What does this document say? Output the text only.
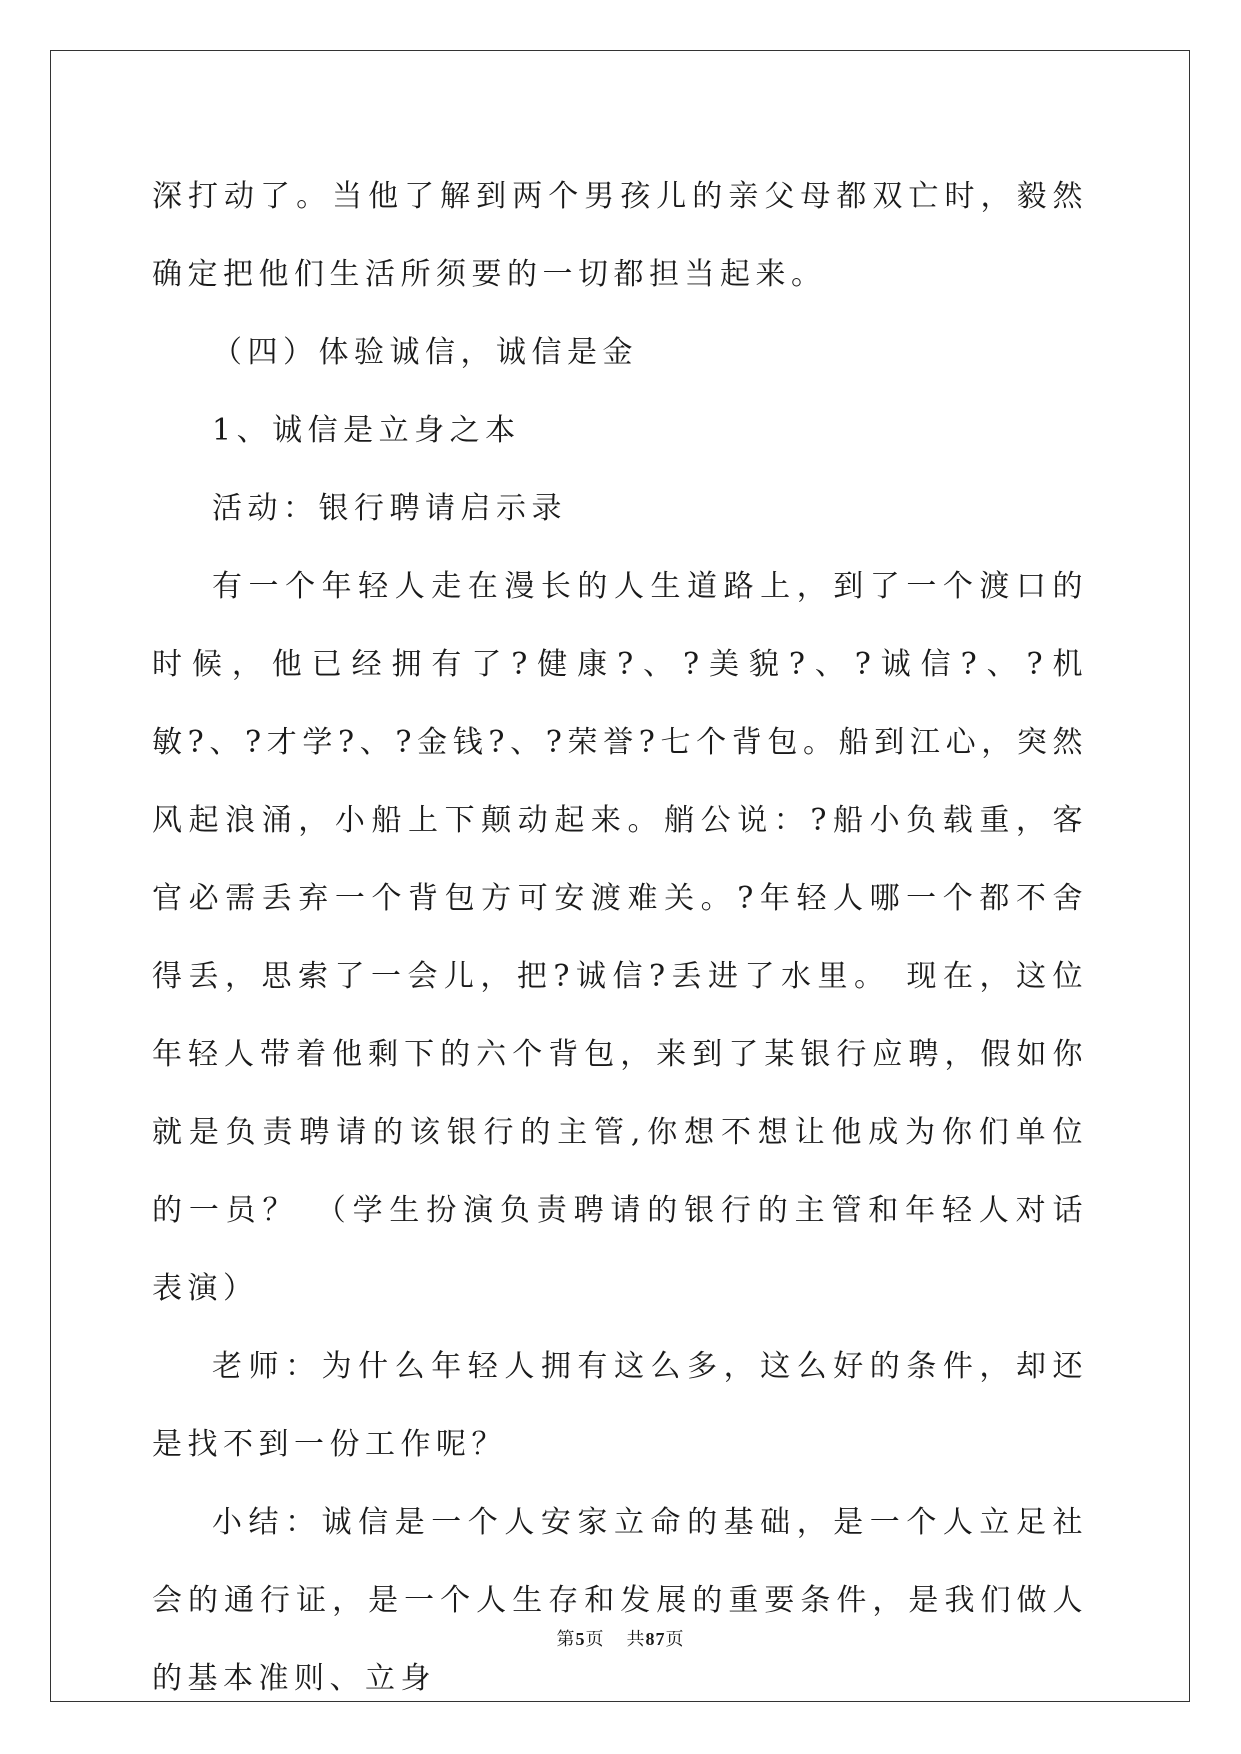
深打动了。当他了解到两个男孩儿的亲父母都双亡时，毅然确定把他们生活所须要的一切都担当起来。

（四）体验诚信，诚信是金

1、诚信是立身之本

活动：银行聘请启示录

有一个年轻人走在漫长的人生道路上，到了一个渡口的时候，他已经拥有了?健康?、?美貌?、?诚信?、?机敏?、?才学?、?金钱?、?荣誉?七个背包。船到江心，突然风起浪涌，小船上下颠动起来。艄公说：?船小负载重，客官必需丢弃一个背包方可安渡难关。?年轻人哪一个都不舍得丢，思索了一会儿，把?诚信?丢进了水里。 现在，这位年轻人带着他剩下的六个背包，来到了某银行应聘，假如你就是负责聘请的该银行的主管,你想不想让他成为你们单位的一员？ （学生扮演负责聘请的银行的主管和年轻人对话表演）

老师：为什么年轻人拥有这么多，这么好的条件，却还是找不到一份工作呢？

小结：诚信是一个人安家立命的基础，是一个人立足社会的通行证，是一个人生存和发展的重要条件，是我们做人的基本准则、立身

第5页 共87页
